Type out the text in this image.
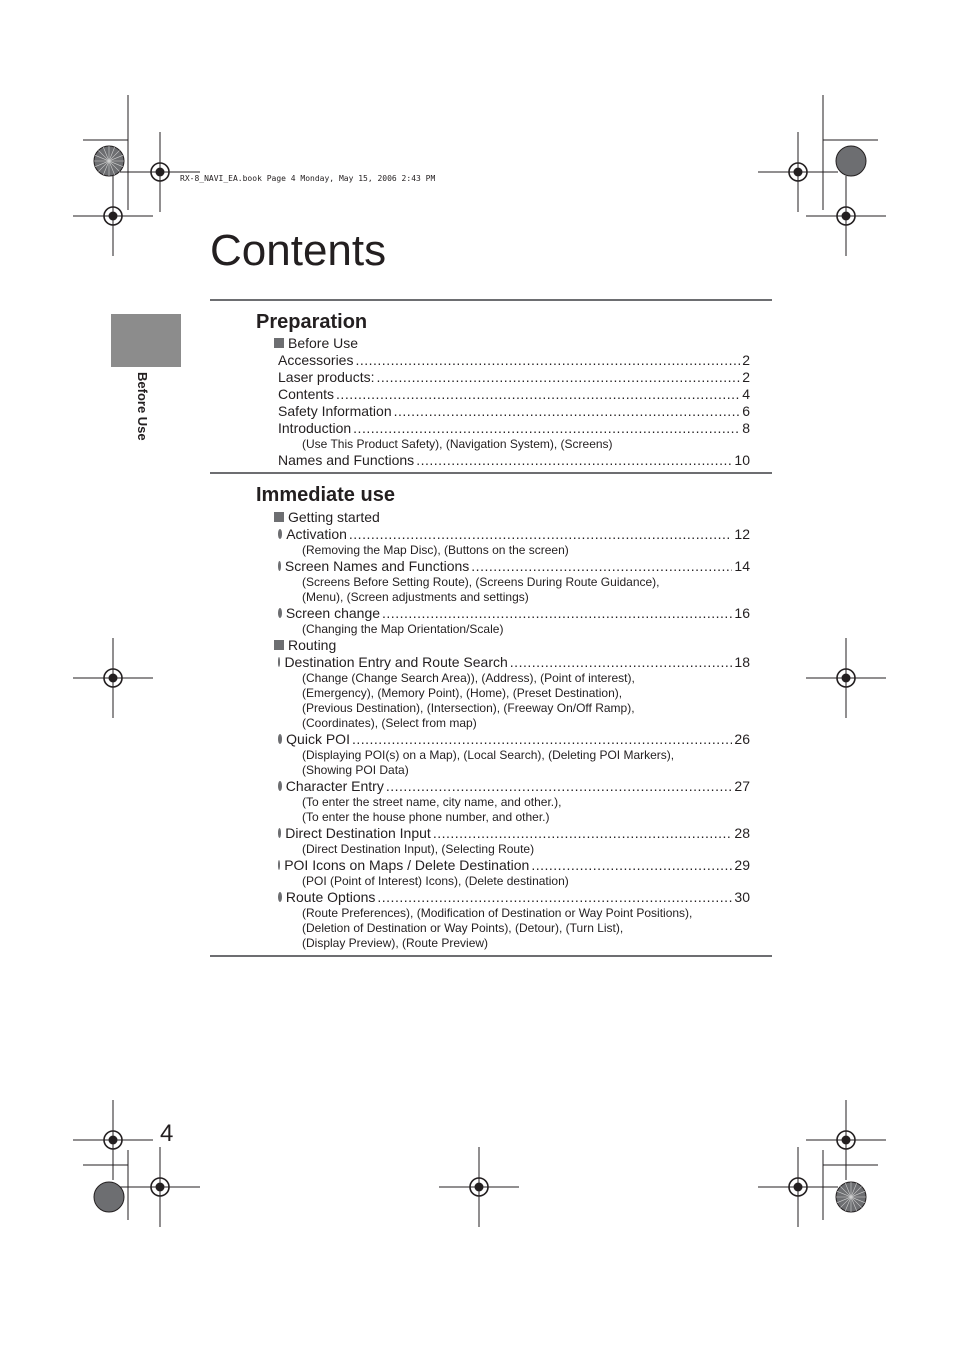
RX-8_NAVI_EA.book Page 4 Monday, May 15, 2006 2:43 PM
Before Use
Contents
Preparation
Before Use
Accessories .....	2
Laser products: .....	2
Contents .....	4
Safety Information .....	6
Introduction .....	8
(Use This Product Safety), (Navigation System), (Screens)
Names and Functions .....	10
Immediate use
Getting started
Activation .....	12
(Removing the Map Disc), (Buttons on the screen)
Screen Names and Functions .....	14
(Screens Before Setting Route), (Screens During Route Guidance),
(Menu), (Screen adjustments and settings)
Screen change .....	16
(Changing the Map Orientation/Scale)
Routing
Destination Entry and Route Search .....	18
(Change (Change Search Area)), (Address), (Point of interest),
(Emergency), (Memory Point), (Home), (Preset Destination),
(Previous Destination), (Intersection), (Freeway On/Off Ramp),
(Coordinates), (Select from map)
Quick POI .....	26
(Displaying POI(s) on a Map), (Local Search), (Deleting POI Markers),
(Showing POI Data)
Character Entry .....	27
(To enter the street name, city name, and other.),
(To enter the house phone number, and other.)
Direct Destination Input .....	28
(Direct Destination Input), (Selecting Route)
POI Icons on Maps / Delete Destination .....	29
(POI (Point of Interest) Icons), (Delete destination)
Route Options .....	30
(Route Preferences), (Modification of Destination or Way Point Positions),
(Deletion of Destination or Way Points), (Detour), (Turn List),
(Display Preview), (Route Preview)
4
